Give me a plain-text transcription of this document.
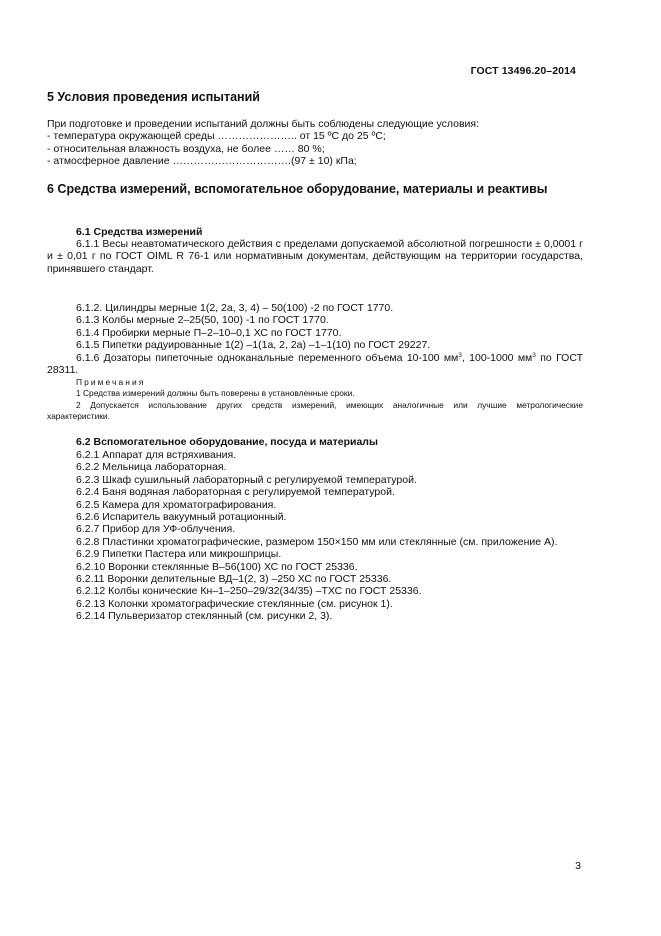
ГОСТ 13496.20–2014
5 Условия проведения испытаний
При подготовке и проведении испытаний должны быть соблюдены следующие условия:
- температура окружающей среды ………………….. от 15 ºС до 25 ºС;
- относительная влажность воздуха, не более …… 80 %;
- атмосферное давление …………………………….(97 ± 10) кПа;
6 Средства измерений, вспомогательное оборудование, материалы и реактивы
6.1 Средства измерений
6.1.1 Весы неавтоматического действия с пределами допускаемой абсолютной погрешности ± 0,0001 г и ± 0,01 г по ГОСТ OIML R 76-1 или нормативным документам, действующим на территории государства, принявшего стандарт.
6.1.2. Цилиндры мерные 1(2, 2а, 3, 4) – 50(100) -2 по ГОСТ 1770.
6.1.3 Колбы мерные 2–25(50, 100) -1 по ГОСТ 1770.
6.1.4 Пробирки мерные П–2–10–0,1 ХС по ГОСТ 1770.
6.1.5 Пипетки радуированные 1(2) –1(1а, 2, 2а) –1–1(10) по ГОСТ 29227.
6.1.6 Дозаторы пипеточные одноканальные переменного объема 10-100 $мм^3$, 100-1000 $мм^3$ по ГОСТ 28311.
Примечания
1 Средства измерений должны быть поверены в установленные сроки.
2 Допускается использование других средств измерений, имеющих аналогичные или лучшие метрологические характеристики.
6.2 Вспомогательное оборудование, посуда и материалы
6.2.1 Аппарат для встряхивания.
6.2.2 Мельница лабораторная.
6.2.3 Шкаф сушильный лабораторный с регулируемой температурой.
6.2.4 Баня водяная лабораторная с регулируемой температурой.
6.2.5 Камера для хроматографирования.
6.2.6 Испаритель вакуумный ротационный.
6.2.7 Прибор для УФ-облучения.
6.2.8 Пластинки хроматографические, размером 150×150 мм или стеклянные (см. приложение А).
6.2.9 Пипетки Пастера или микрошприцы.
6.2.10 Воронки стеклянные В–56(100) ХС по ГОСТ 25336.
6.2.11 Воронки делительные ВД–1(2, 3) –250 ХС по ГОСТ 25336.
6.2.12 Колбы конические Кн–1–250–29/32(34/35) –ТХС по ГОСТ 25336.
6.2.13 Колонки хроматографические стеклянные (см. рисунок 1).
6.2.14 Пульверизатор стеклянный (см. рисунки 2, 3).
3
